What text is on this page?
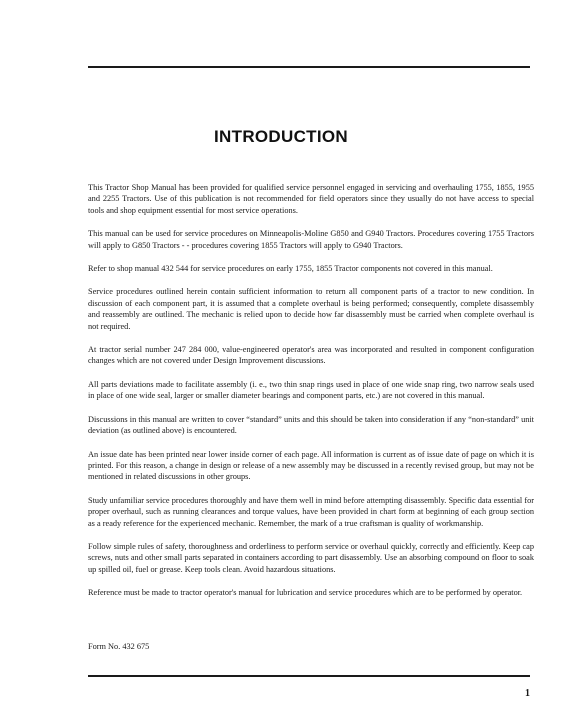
INTRODUCTION

This Tractor Shop Manual has been provided for qualified service personnel engaged in servicing and overhauling 1755, 1855, 1955 and 2255 Tractors. Use of this publication is not recommended for field operators since they usually do not have access to special tools and shop equipment essential for most service operations.

This manual can be used for service procedures on Minneapolis-Moline G850 and G940 Tractors. Procedures covering 1755 Tractors will apply to G850 Tractors - - procedures covering 1855 Tractors will apply to G940 Tractors.

Refer to shop manual 432 544 for service procedures on early 1755, 1855 Tractor components not covered in this manual.

Service procedures outlined herein contain sufficient information to return all component parts of a tractor to new condition. In discussion of each component part, it is assumed that a complete overhaul is being performed; consequently, complete disassembly and reassembly are outlined. The mechanic is relied upon to decide how far disassembly must be carried when complete overhaul is not required.

At tractor serial number 247 284 000, value-engineered operator's area was incorporated and resulted in component configuration changes which are not covered under Design Improvement discussions.

All parts deviations made to facilitate assembly (i. e., two thin snap rings used in place of one wide snap ring, two narrow seals used in place of one wide seal, larger or smaller diameter bearings and component parts, etc.) are not covered in this manual.

Discussions in this manual are written to cover “standard” units and this should be taken into consideration if any “non-standard” unit deviation (as outlined above) is encountered.

An issue date has been printed near lower inside corner of each page. All information is current as of issue date of page on which it is printed. For this reason, a change in design or release of a new assembly may be discussed in a recently revised group, but may not be mentioned in related discussions in other groups.

Study unfamiliar service procedures thoroughly and have them well in mind before attempting disassembly. Specific data essential for proper overhaul, such as running clearances and torque values, have been provided in chart form at beginning of each group section as a ready reference for the experienced mechanic. Remember, the mark of a true craftsman is quality of workmanship.

Follow simple rules of safety, thoroughness and orderliness to perform service or overhaul quickly, correctly and efficiently. Keep cap screws, nuts and other small parts separated in containers according to part disassembly. Use an absorbing compound on floor to soak up spilled oil, fuel or grease. Keep tools clean. Avoid hazardous situations.

Reference must be made to tractor operator's manual for lubrication and service procedures which are to be performed by operator.

Form No. 432 675
1
